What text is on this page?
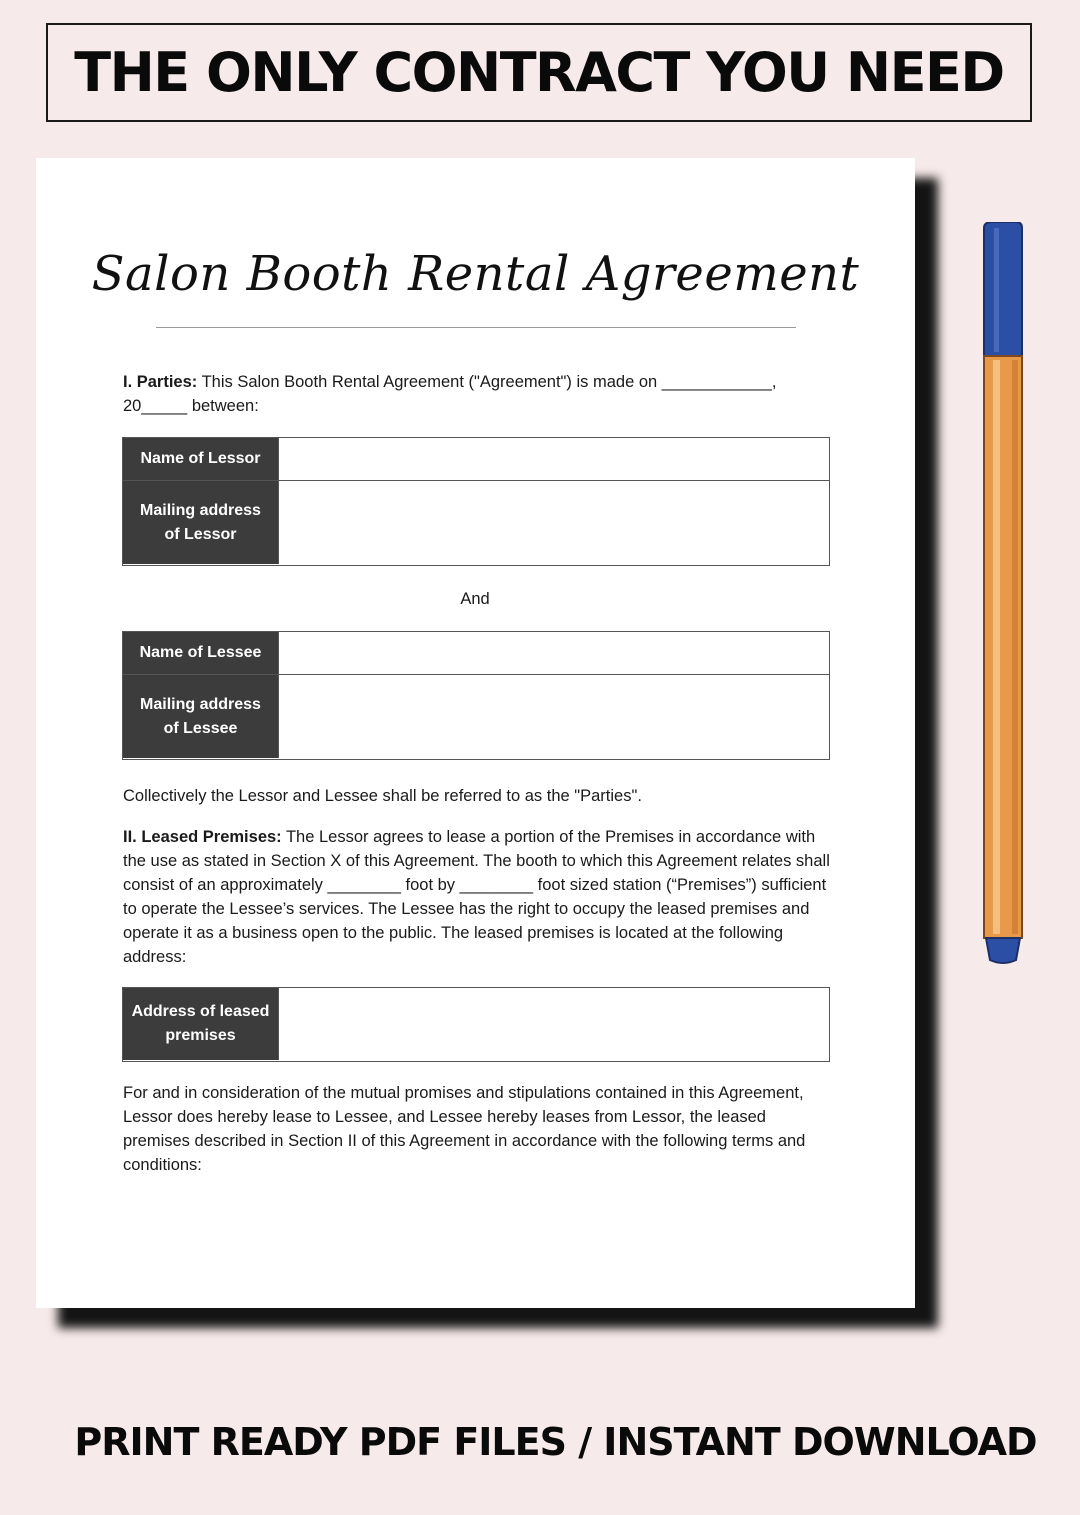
THE ONLY CONTRACT YOU NEED
Salon Booth Rental Agreement
I. Parties: This Salon Booth Rental Agreement ("Agreement") is made on ____________, 20_____ between:
Name of Lessor
Mailing address of Lessor
And
Name of Lessee
Mailing address of Lessee
Collectively the Lessor and Lessee shall be referred to as the "Parties".
II. Leased Premises: The Lessor agrees to lease a portion of the Premises in accordance with the use as stated in Section X of this Agreement. The booth to which this Agreement relates shall consist of an approximately ________ foot by ________ foot sized station (“Premises”) sufficient to operate the Lessee’s services. The Lessee has the right to occupy the leased premises and operate it as a business open to the public. The leased premises is located at the following address:
Address of leased premises
For and in consideration of the mutual promises and stipulations contained in this Agreement, Lessor does hereby lease to Lessee, and Lessee hereby leases from Lessor, the leased premises described in Section II of this Agreement in accordance with the following terms and conditions:
PRINT READY PDF FILES / INSTANT DOWNLOAD
